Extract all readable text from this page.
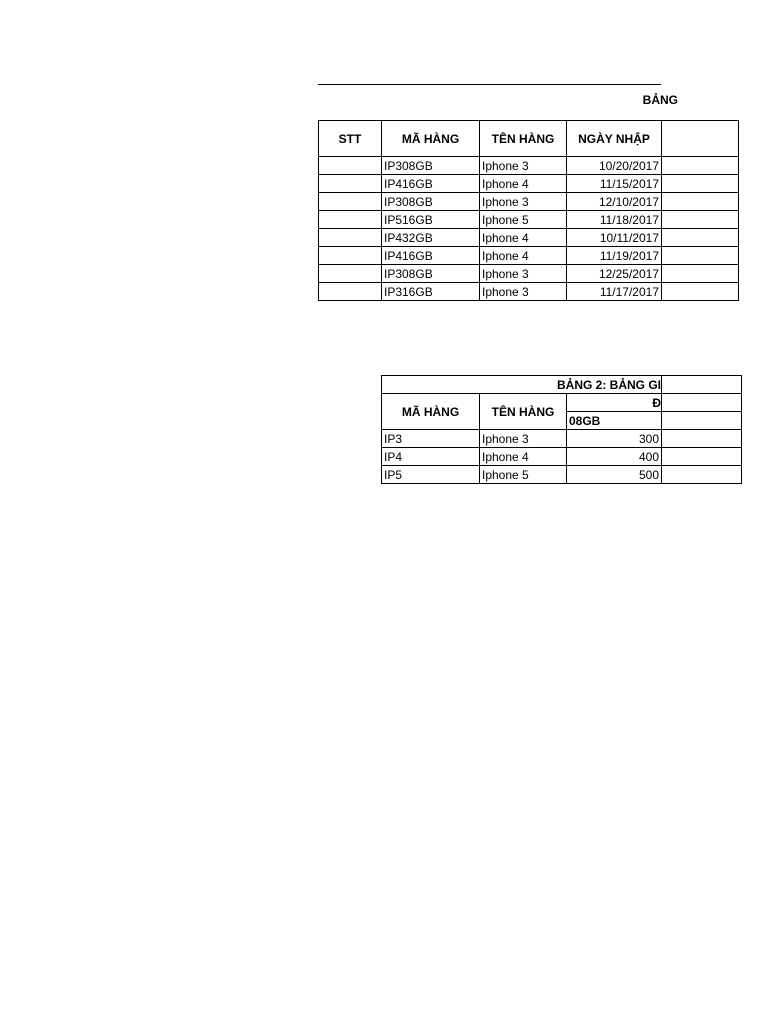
BẢNG
STT	MÃ HÀNG	TÊN HÀNG	NGÀY NHẬP	
	IP308GB	Iphone 3	10/20/2017	
	IP416GB	Iphone 4	11/15/2017	
	IP308GB	Iphone 3	12/10/2017	
	IP516GB	Iphone 5	11/18/2017	
	IP432GB	Iphone 4	10/11/2017	
	IP416GB	Iphone 4	11/19/2017	
	IP308GB	Iphone 3	12/25/2017	
	IP316GB	Iphone 3	11/17/2017	
BẢNG 2: BẢNG GI			
MÃ HÀNG	TÊN HÀNG	Đ	
		08GB	
IP3	Iphone 3	300	
IP4	Iphone 4	400	
IP5	Iphone 5	500	
